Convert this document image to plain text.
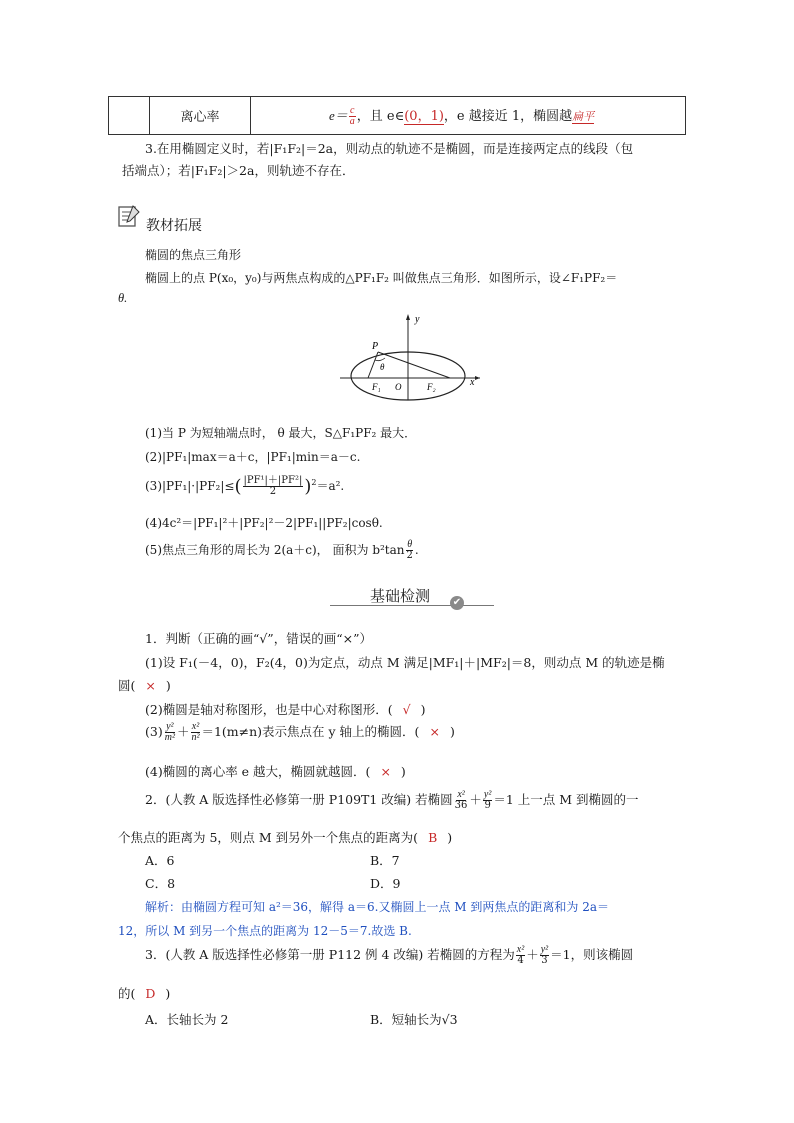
	离心率	$e= \frac{c}{a}$ ，且 e∈(0，1)，e 越接近 1，椭圆越扁平
3.在用椭圆定义时，若|F₁F₂|＝2a，则动点的轨迹不是椭圆，而是连接两定点的线段（包
括端点）；若|F₁F₂|＞2a，则轨迹不存在．
教材拓展
椭圆的焦点三角形
椭圆上的点 P(x₀，y₀)与两焦点构成的△PF₁F₂ 叫做焦点三角形．如图所示，设∠F₁PF₂＝
θ.
y
x
P
θ
F₁ O	F₂
(1)当 P 为短轴端点时， θ 最大，S△F₁PF₂ 最大．
(2)|PF₁|max＝a＋c，|PF₁|min＝a－c.
$(3)|PF_1|\cdot|PF_2|\le( \frac{\text{|PF¹|＋|PF²|}}{2} )^2=a^2$.
(4)4c²＝|PF₁|²＋|PF₂|²－2|PF₁||PF₂|cosθ.
(5)焦点三角形的周长为 2(a＋c)， 面积为 $b^2\tan \frac{\theta}{2}$ .
基础检测 ✔
1．判断（正确的画“√”，错误的画“×”）
(1)设 F₁(－4，0)，F₂(4，0)为定点，动点 M 满足|MF₁|＋|MF₂|＝8，则动点 M 的轨迹是椭
圆( × )
(2)椭圆是轴对称图形，也是中心对称图形．( √ )
$(3) \frac{\text{y²}}{\text{m²}} + \frac{\text{x²}}{\text{n²}} =1(m\ne n)$表示焦点在 y 轴上的椭圆．( × )
(4)椭圆的离心率 e 越大，椭圆就越圆．( × )
2．(人教 A 版选择性必修第一册 P109T1 改编) 若椭圆 $\frac{\text{x²}}{36} + \frac{\text{y²}}{9} =1$ 上一点 M 到椭圆的一
个焦点的距离为 5，则点 M 到另外一个焦点的距离为( B )
A．6	B．7
C．8	D．9
解析：由椭圆方程可知 a²＝36，解得 a＝6.又椭圆上一点 M 到两焦点的距离和为 2a＝
12，所以 M 到另一个焦点的距离为 12－5＝7.故选 B.
3．(人教 A 版选择性必修第一册 P112 例 4 改编) 若椭圆的方程为 $\frac{\text{x²}}{4} + \frac{\text{y²}}{3} =1$，则该椭圆
的( D )
A．长轴长为 2	B．短轴长为√3
